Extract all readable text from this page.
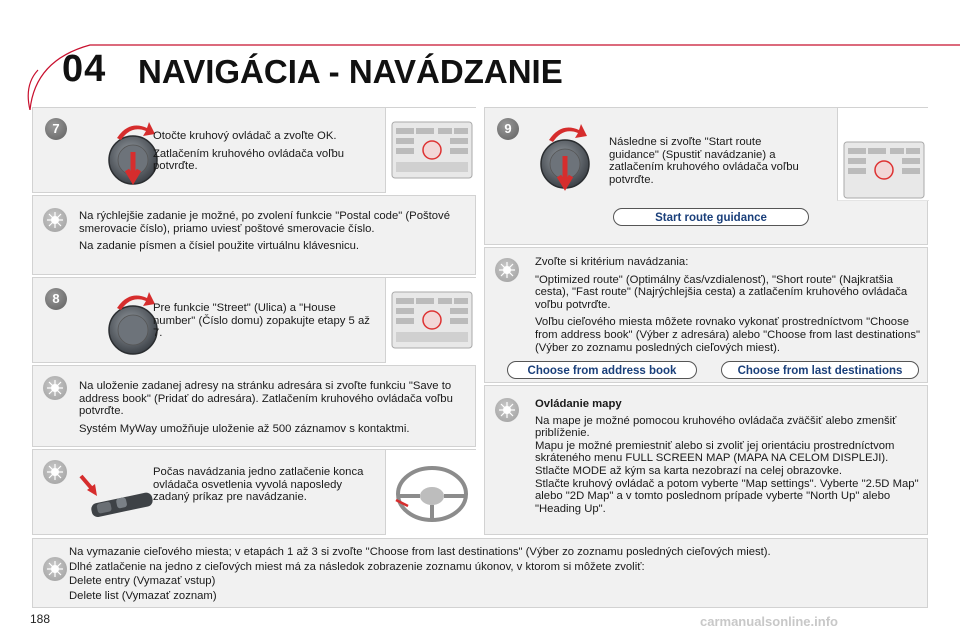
04 NAVIGÁCIA - NAVÁDZANIE
7	Otočte kruhový ovládač a zvoľte OK.

Zatlačením kruhového ovládača voľbu potvrďte.

Na rýchlejšie zadanie je možné, po zvolení funkcie "Postal code" (Poštové smerovacie číslo), priamo uviesť poštové smerovacie číslo.

Na zadanie písmen a čísiel použite virtuálnu klávesnicu.

8

Pre funkcie "Street" (Ulica) a "House number" (Číslo domu) zopakujte etapy 5 až 7.

Na uloženie zadanej adresy na stránku adresára si zvoľte funkciu "Save to address book" (Pridať do adresára). Zatlačením kruhového ovládača voľbu potvrďte.

Systém MyWay umožňuje uloženie až 500 záznamov s kontaktmi.

Počas navádzania jedno zatlačenie konca ovládača osvetlenia vyvolá naposledy zadaný príkaz pre navádzanie.

9

Následne si zvoľte "Start route guidance" (Spustiť navádzanie) a zatlačením kruhového ovládača voľbu potvrďte.

Start route guidance

Zvoľte si kritérium navádzania:

"Optimized route" (Optimálny čas/vzdialenosť), "Short route" (Najkratšia cesta), "Fast route" (Najrýchlejšia cesta) a zatlačením kruhového ovládača voľbu potvrďte.

Voľbu cieľového miesta môžete rovnako vykonať prostredníctvom "Choose from address book" (Výber z adresára) alebo "Choose from last destinations" (Výber zo zoznamu posledných cieľových miest).

Choose from address book	Choose from last destinations

Ovládanie mapy

Na mape je možné pomocou kruhového ovládača zväčšiť alebo zmenšiť priblíženie.

Mapu je možné premiestniť alebo si zvoliť jej orientáciu prostredníctvom skráteného menu FULL SCREEN MAP (MAPA NA CELOM DISPLEJI).

Stlačte MODE až kým sa karta nezobrazí na celej obrazovke.

Stlačte kruhový ovládač a potom vyberte "Map settings". Vyberte "2.5D Map" alebo "2D Map" a v tomto poslednom prípade vyberte "North Up" alebo "Heading Up".

Na vymazanie cieľového miesta; v etapách 1 až 3 si zvoľte "Choose from last destinations" (Výber zo zoznamu posledných cieľových miest).

Dlhé zatlačenie na jedno z cieľových miest má za následok zobrazenie zoznamu úkonov, v ktorom si môžete zvoliť:

Delete entry (Vymazať vstup)

Delete list (Vymazať zoznam)

188	carmanualsonline.info
